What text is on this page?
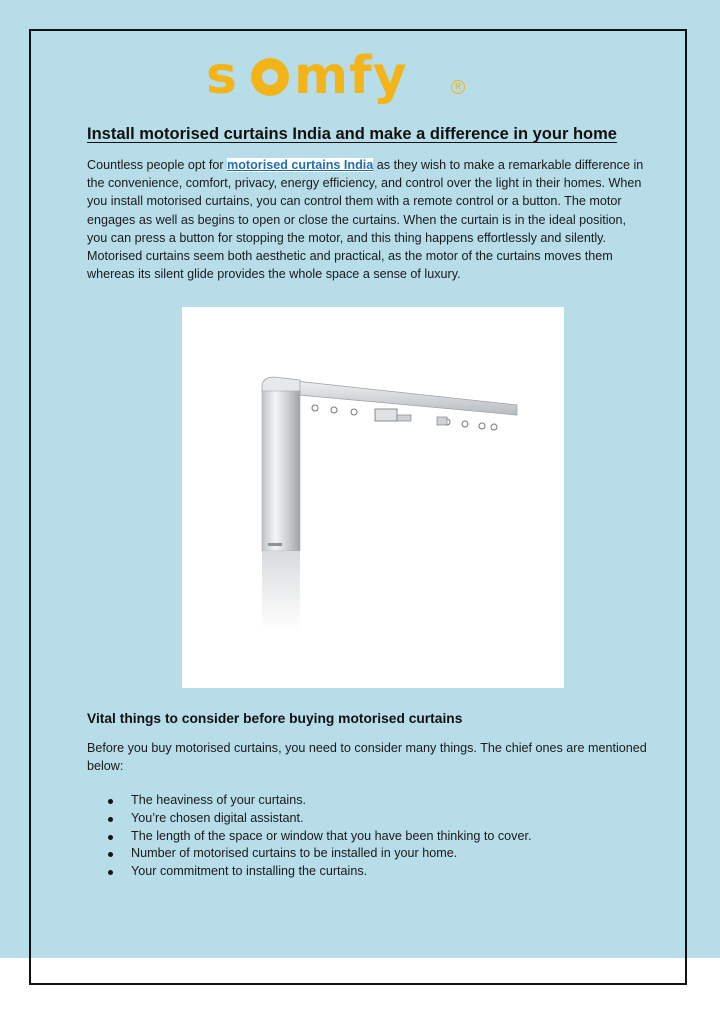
s mfy	R
Install motorised curtains India and make a difference in your home

Countless people opt for motorised curtains India as they wish to make a remarkable difference in the convenience, comfort, privacy, energy efficiency, and control over the light in their homes. When you install motorised curtains, you can control them with a remote control or a button. The motor engages as well as begins to open or close the curtains. When the curtain is in the ideal position, you can press a button for stopping the motor, and this thing happens effortlessly and silently. Motorised curtains seem both aesthetic and practical, as the motor of the curtains moves them whereas its silent glide provides the whole space a sense of luxury.

Vital things to consider before buying motorised curtains

Before you buy motorised curtains, you need to consider many things. The chief ones are mentioned below:

The heaviness of your curtains.
You’re chosen digital assistant.
The length of the space or window that you have been thinking to cover.
Number of motorised curtains to be installed in your home.
Your commitment to installing the curtains.
